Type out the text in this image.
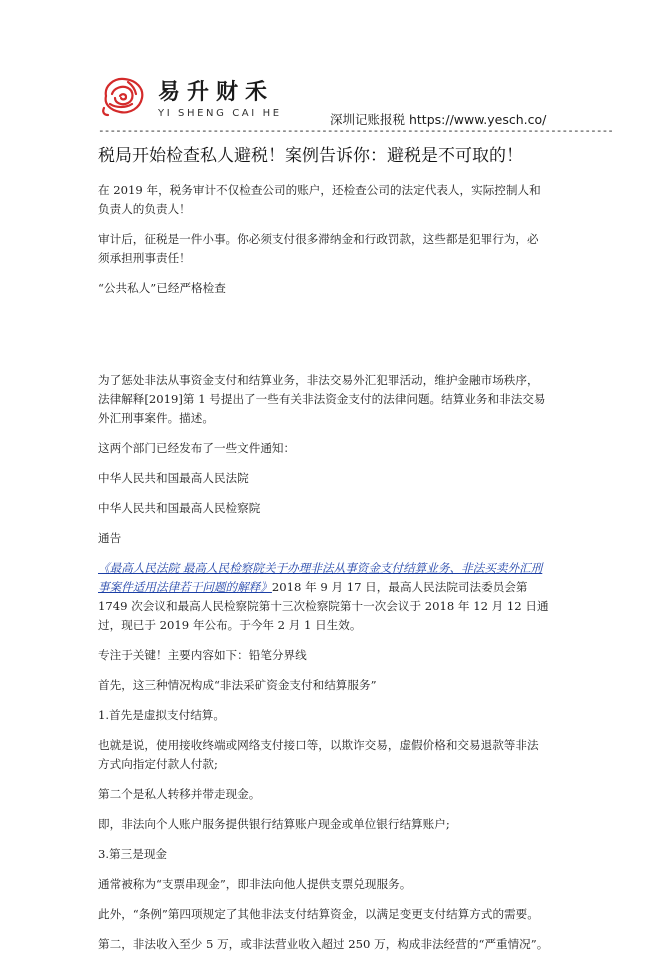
易升财禾
YI SHENG CAI HE	深圳记账报税 https://www.yesch.co/
------------------------------------------------------------------------------------------
税局开始检查私人避税！案例告诉你：避税是不可取的！

在 2019 年，税务审计不仅检查公司的账户，还检查公司的法定代表人，实际控制人和负责人的负责人！

审计后，征税是一件小事。你必须支付很多滞纳金和行政罚款，这些都是犯罪行为，必须承担刑事责任！

“公共私人”已经严格检查

为了惩处非法从事资金支付和结算业务，非法交易外汇犯罪活动，维护金融市场秩序，法律解释[2019]第 1 号提出了一些有关非法资金支付的法律问题。结算业务和非法交易外汇刑事案件。描述。

这两个部门已经发布了一些文件通知：

中华人民共和国最高人民法院

中华人民共和国最高人民检察院

通告

《最高人民法院 最高人民检察院关于办理非法从事资金支付结算业务、非法买卖外汇刑事案件适用法律若干问题的解释》2018 年 9 月 17 日，最高人民法院司法委员会第 1749 次会议和最高人民检察院第十三次检察院第十一次会议于 2018 年 12 月 12 日通过，现已于 2019 年公布。于今年 2 月 1 日生效。

专注于关键！主要内容如下：铅笔分界线

首先，这三种情况构成“非法采矿资金支付和结算服务”

1.首先是虚拟支付结算。

也就是说，使用接收终端或网络支付接口等，以欺诈交易，虚假价格和交易退款等非法方式向指定付款人付款;

第二个是私人转移并带走现金。

即，非法向个人账户服务提供银行结算账户现金或单位银行结算账户;

3.第三是现金

通常被称为“支票串现金”，即非法向他人提供支票兑现服务。

此外，“条例”第四项规定了其他非法支付结算资金，以满足变更支付结算方式的需要。

第二，非法收入至少 5 万，或非法营业收入超过 250 万，构成非法经营的“严重情况”。
